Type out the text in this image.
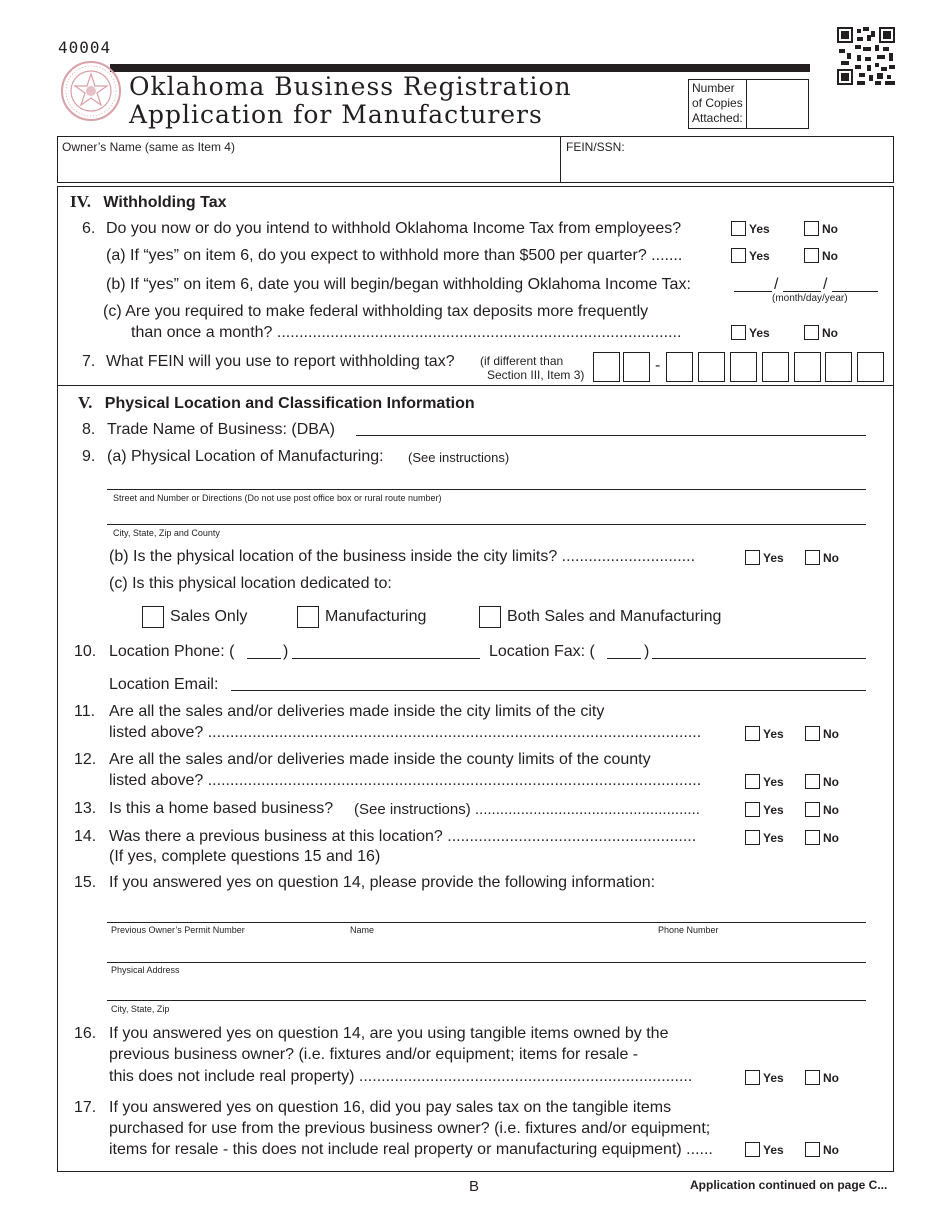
40004
Oklahoma Business Registration
Application for Manufacturers
Number
of Copies
Attached:
Owner’s Name (same as Item 4)	FEIN/SSN:
IV. Withholding Tax
6. Do you now or do you intend to withhold Oklahoma Income Tax from employees?	Yes	No
(a) If “yes” on item 6, do you expect to withhold more than $500 per quarter? .......	Yes	No
(b) If “yes” on item 6, date you will begin/began withholding Oklahoma Income Tax:	/	/
(month/day/year)
(c) Are you required to make federal withholding tax deposits more frequently
than once a month? ...........................................................................................	Yes	No
7. What FEIN will you use to report withholding tax? (if different than
Section III, Item 3)
-
V. Physical Location and Classification Information
8. Trade Name of Business: (DBA)
9. (a) Physical Location of Manufacturing: (See instructions)
Street and Number or Directions (Do not use post office box or rural route number)
City, State, Zip and County
(b) Is the physical location of the business inside the city limits? ..............................	Yes	No
(c) Is this physical location dedicated to:
Sales Only	Manufacturing	Both Sales and Manufacturing
10. Location Phone: (	)	Location Fax: (	)
Location Email:
11. Are all the sales and/or deliveries made inside the city limits of the city
listed above? ...............................................................................................................	Yes	No
12. Are all the sales and/or deliveries made inside the county limits of the county
listed above? ...............................................................................................................	Yes	No
13. Is this a home based business? (See instructions) ......................................................	Yes	No
14. Was there a previous business at this location? ........................................................	Yes	No
(If yes, complete questions 15 and 16)
15. If you answered yes on question 14, please provide the following information:
Previous Owner’s Permit Number	Name	Phone Number
Physical Address
City, State, Zip
16. If you answered yes on question 14, are you using tangible items owned by the
previous business owner? (i.e. fixtures and/or equipment; items for resale -
this does not include real property) ...........................................................................	Yes	No
17. If you answered yes on question 16, did you pay sales tax on the tangible items
purchased for use from the previous business owner? (i.e. fixtures and/or equipment;
items for resale - this does not include real property or manufacturing equipment) ......	Yes	No
B	Application continued on page C...
